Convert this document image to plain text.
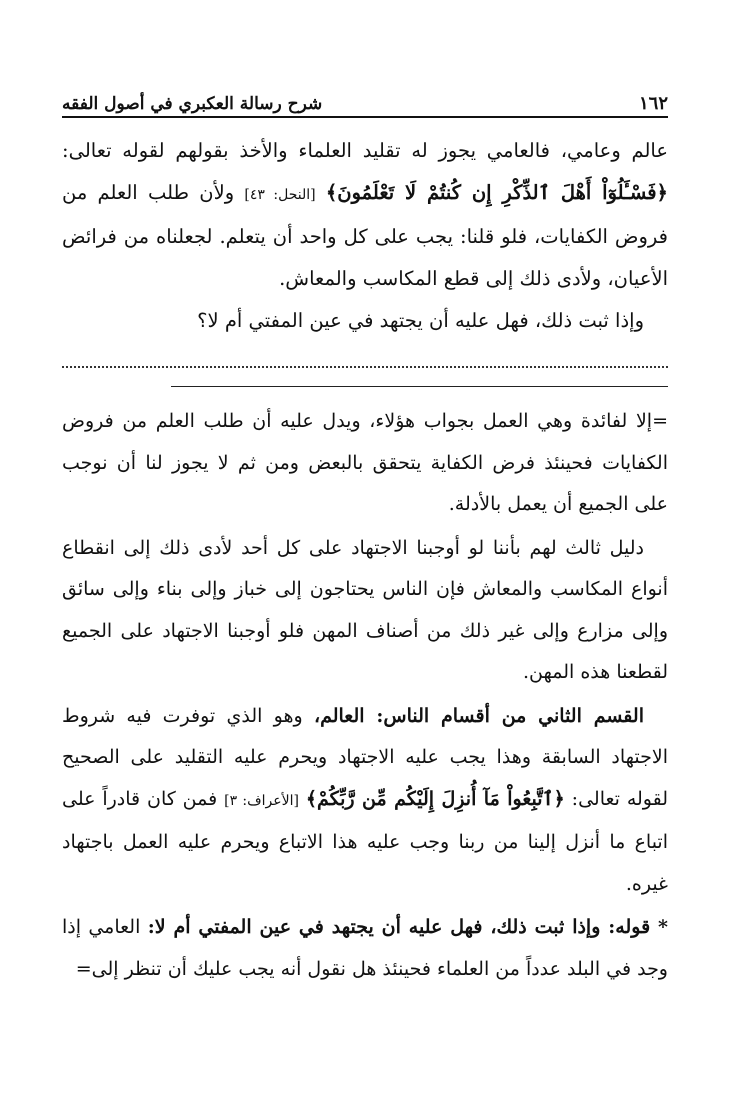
١٦٢
شرح رسالة العكبري في أصول الفقه

عالم وعامي، فالعامي يجوز له تقليد العلماء والأخذ بقولهم لقوله تعالى: ﴿فَسْـَٔلُوٓاْ أَهْلَ ٱلذِّكْرِ إِن كُنتُمْ لَا تَعْلَمُونَ﴾ [النحل: ٤٣] ولأن طلب العلم من فروض الكفايات، فلو قلنا: يجب على كل واحد أن يتعلم. لجعلناه من فرائض الأعيان، ولأدى ذلك إلى قطع المكاسب والمعاش.

وإذا ثبت ذلك، فهل عليه أن يجتهد في عين المفتي أم لا؟

=إلا لفائدة وهي العمل بجواب هؤلاء، ويدل عليه أن طلب العلم من فروض الكفايات فحينئذ فرض الكفاية يتحقق بالبعض ومن ثم لا يجوز لنا أن نوجب على الجميع أن يعمل بالأدلة.

دليل ثالث لهم بأننا لو أوجبنا الاجتهاد على كل أحد لأدى ذلك إلى انقطاع أنواع المكاسب والمعاش فإن الناس يحتاجون إلى خباز وإلى بناء وإلى سائق وإلى مزارع وإلى غير ذلك من أصناف المهن فلو أوجبنا الاجتهاد على الجميع لقطعنا هذه المهن.

القسم الثاني من أقسام الناس: العالم، وهو الذي توفرت فيه شروط الاجتهاد السابقة وهذا يجب عليه الاجتهاد ويحرم عليه التقليد على الصحيح لقوله تعالى: ﴿ٱتَّبِعُواْ مَآ أُنزِلَ إِلَيْكُم مِّن رَّبِّكُمْ﴾ [الأعراف: ٣] فمن كان قادراً على اتباع ما أنزل إلينا من ربنا وجب عليه هذا الاتباع ويحرم عليه العمل باجتهاد غيره.

* قوله: وإذا ثبت ذلك، فهل عليه أن يجتهد في عين المفتي أم لا: العامي إذا وجد في البلد عدداً من العلماء فحينئذ هل نقول أنه يجب عليك أن تنظر إلى=
